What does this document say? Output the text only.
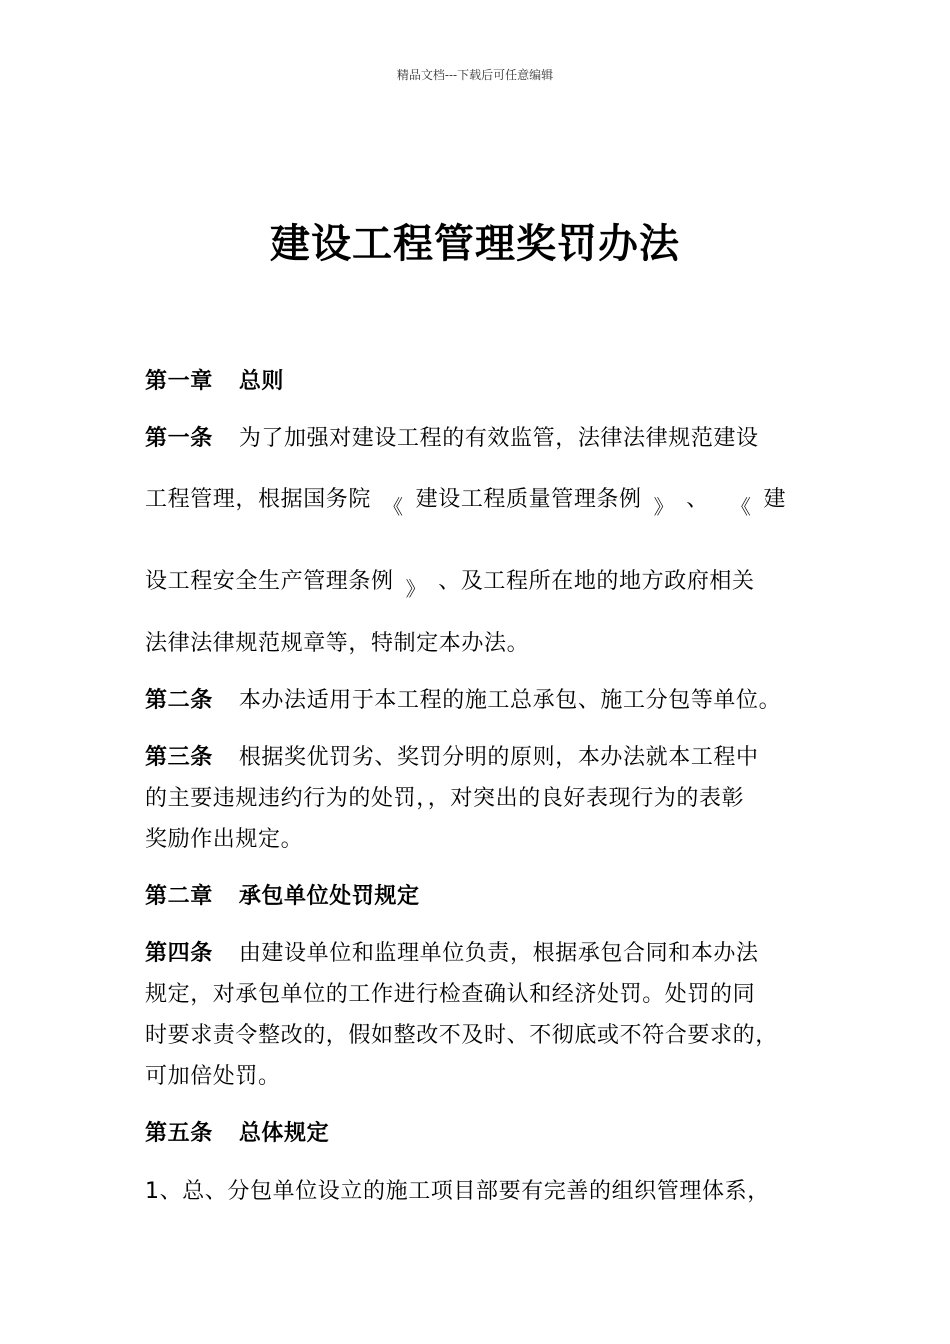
精品文档---下载后可任意编辑
建设工程管理奖罚办法
第一章 总则
第一条 为了加强对建设工程的有效监管，法律法律规范建设
工程管理，根据国务院 《 建设工程质量管理条例 》 、 《 建
设工程安全生产管理条例 》 、及工程所在地的地方政府相关
法律法律规范规章等，特制定本办法。
第二条 本办法适用于本工程的施工总承包、施工分包等单位。
第三条 根据奖优罚劣、奖罚分明的原则，本办法就本工程中
的主要违规违约行为的处罚，，对突出的良好表现行为的表彰
奖励作出规定。
第二章 承包单位处罚规定
第四条 由建设单位和监理单位负责，根据承包合同和本办法
规定，对承包单位的工作进行检查确认和经济处罚。处罚的同
时要求责令整改的，假如整改不及时、不彻底或不符合要求的，
可加倍处罚。
第五条 总体规定
1、总、分包单位设立的施工项目部要有完善的组织管理体系，
